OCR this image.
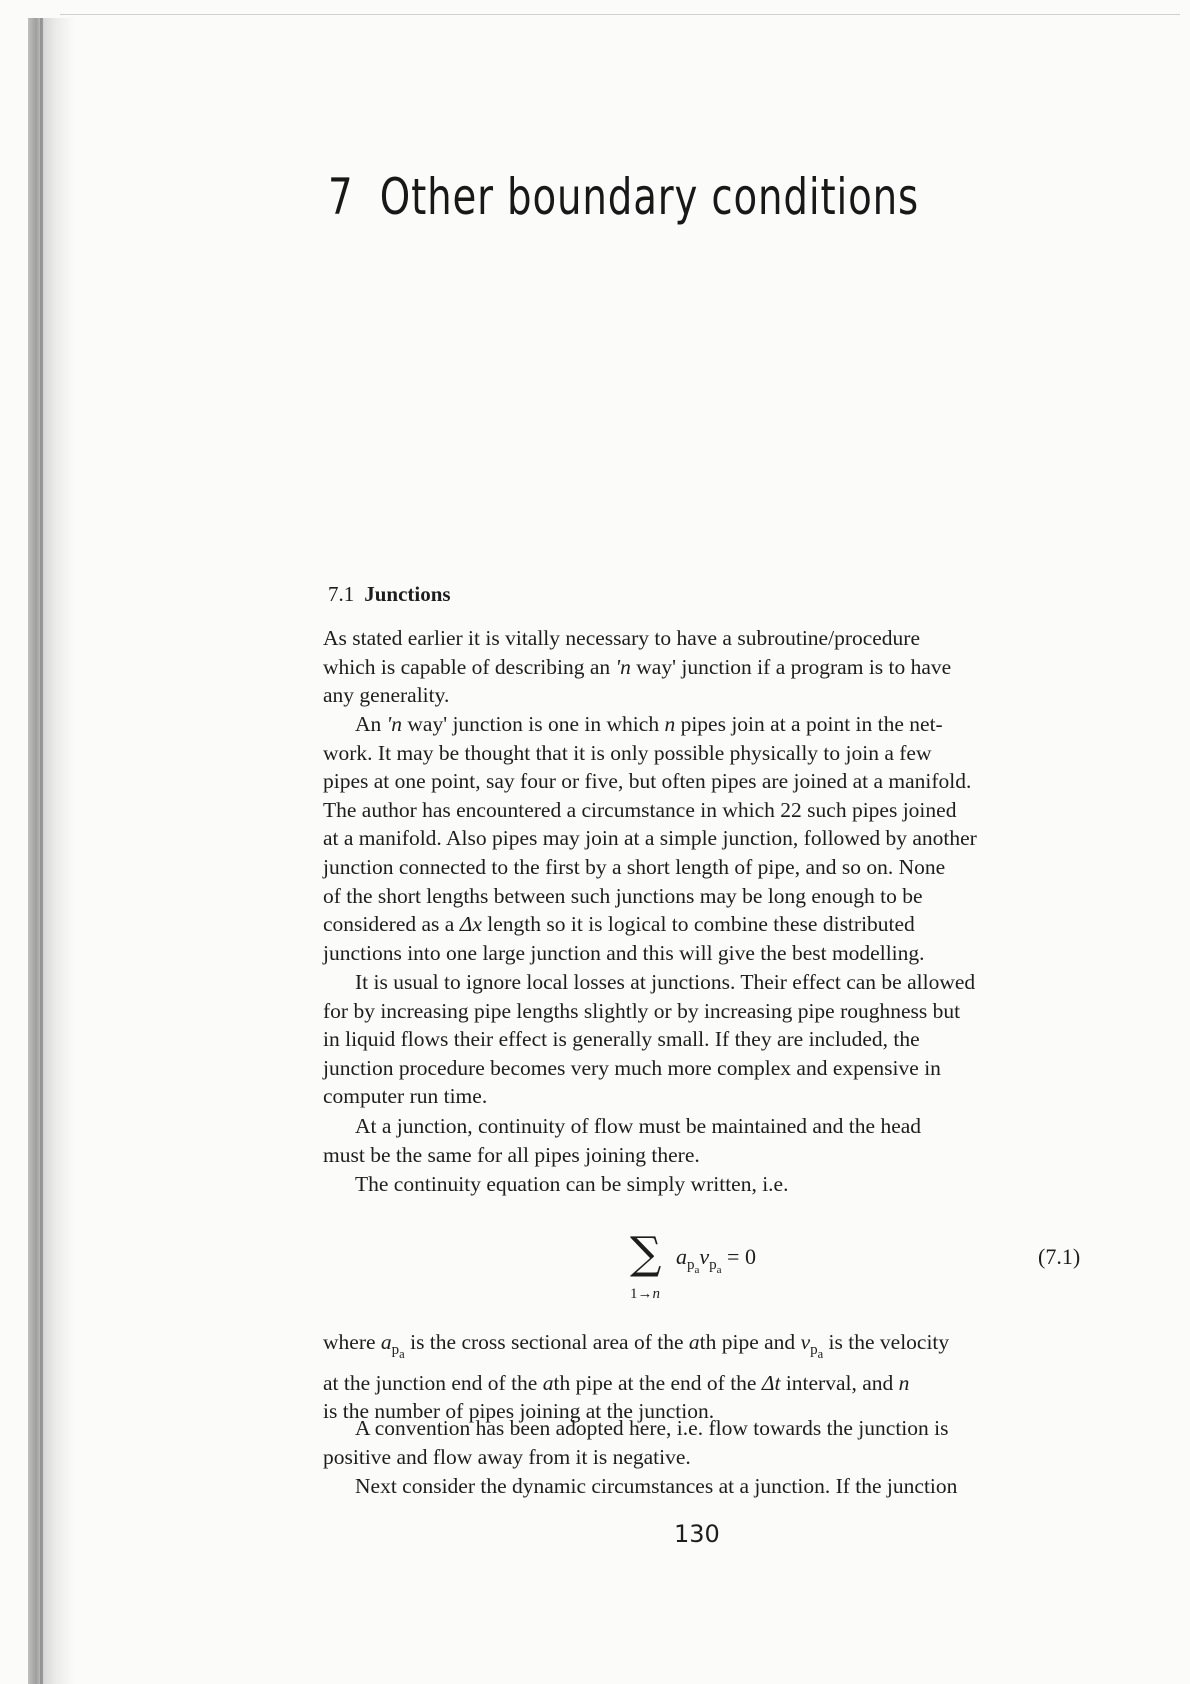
7 Other boundary conditions
7.1 Junctions
As stated earlier it is vitally necessary to have a subroutine/procedure
which is capable of describing an 'n way' junction if a program is to have
any generality.
An 'n way' junction is one in which n pipes join at a point in the net-
work. It may be thought that it is only possible physically to join a few
pipes at one point, say four or five, but often pipes are joined at a manifold.
The author has encountered a circumstance in which 22 such pipes joined
at a manifold. Also pipes may join at a simple junction, followed by another
junction connected to the first by a short length of pipe, and so on. None
of the short lengths between such junctions may be long enough to be
considered as a Δx length so it is logical to combine these distributed
junctions into one large junction and this will give the best modelling.
It is usual to ignore local losses at junctions. Their effect can be allowed
for by increasing pipe lengths slightly or by increasing pipe roughness but
in liquid flows their effect is generally small. If they are included, the
junction procedure becomes very much more complex and expensive in
computer run time.
At a junction, continuity of flow must be maintained and the head
must be the same for all pipes joining there.
The continuity equation can be simply written, i.e.
∑ $a_{p_a}v_{p_a} = 0$
1→n
(7.1)
where $a_{p_a}$ is the cross sectional area of the ath pipe and $v_{p_a}$ is the velocity
at the junction end of the ath pipe at the end of the Δt interval, and n
is the number of pipes joining at the junction.
A convention has been adopted here, i.e. flow towards the junction is
positive and flow away from it is negative.
Next consider the dynamic circumstances at a junction. If the junction
130
